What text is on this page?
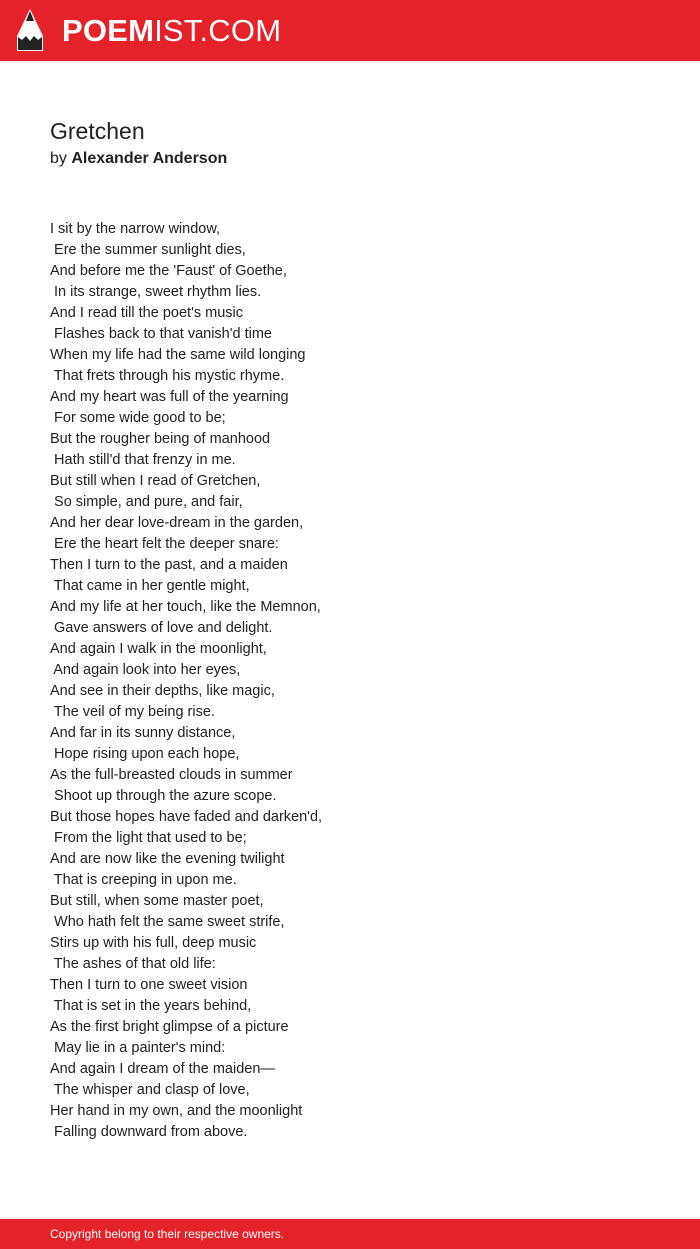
POEMIST.COM
Gretchen
by Alexander Anderson
I sit by the narrow window,
Ere the summer sunlight dies,
And before me the 'Faust' of Goethe,
In its strange, sweet rhythm lies.
And I read till the poet's music
Flashes back to that vanish'd time
When my life had the same wild longing
That frets through his mystic rhyme.
And my heart was full of the yearning
For some wide good to be;
But the rougher being of manhood
Hath still'd that frenzy in me.
But still when I read of Gretchen,
So simple, and pure, and fair,
And her dear love-dream in the garden,
Ere the heart felt the deeper snare:
Then I turn to the past, and a maiden
That came in her gentle might,
And my life at her touch, like the Memnon,
Gave answers of love and delight.
And again I walk in the moonlight,
And again look into her eyes,
And see in their depths, like magic,
The veil of my being rise.
And far in its sunny distance,
Hope rising upon each hope,
As the full-breasted clouds in summer
Shoot up through the azure scope.
But those hopes have faded and darken'd,
From the light that used to be;
And are now like the evening twilight
That is creeping in upon me.
But still, when some master poet,
Who hath felt the same sweet strife,
Stirs up with his full, deep music
The ashes of that old life:
Then I turn to one sweet vision
That is set in the years behind,
As the first bright glimpse of a picture
May lie in a painter's mind:
And again I dream of the maiden—
The whisper and clasp of love,
Her hand in my own, and the moonlight
Falling downward from above.
Copyright belong to their respective owners.
